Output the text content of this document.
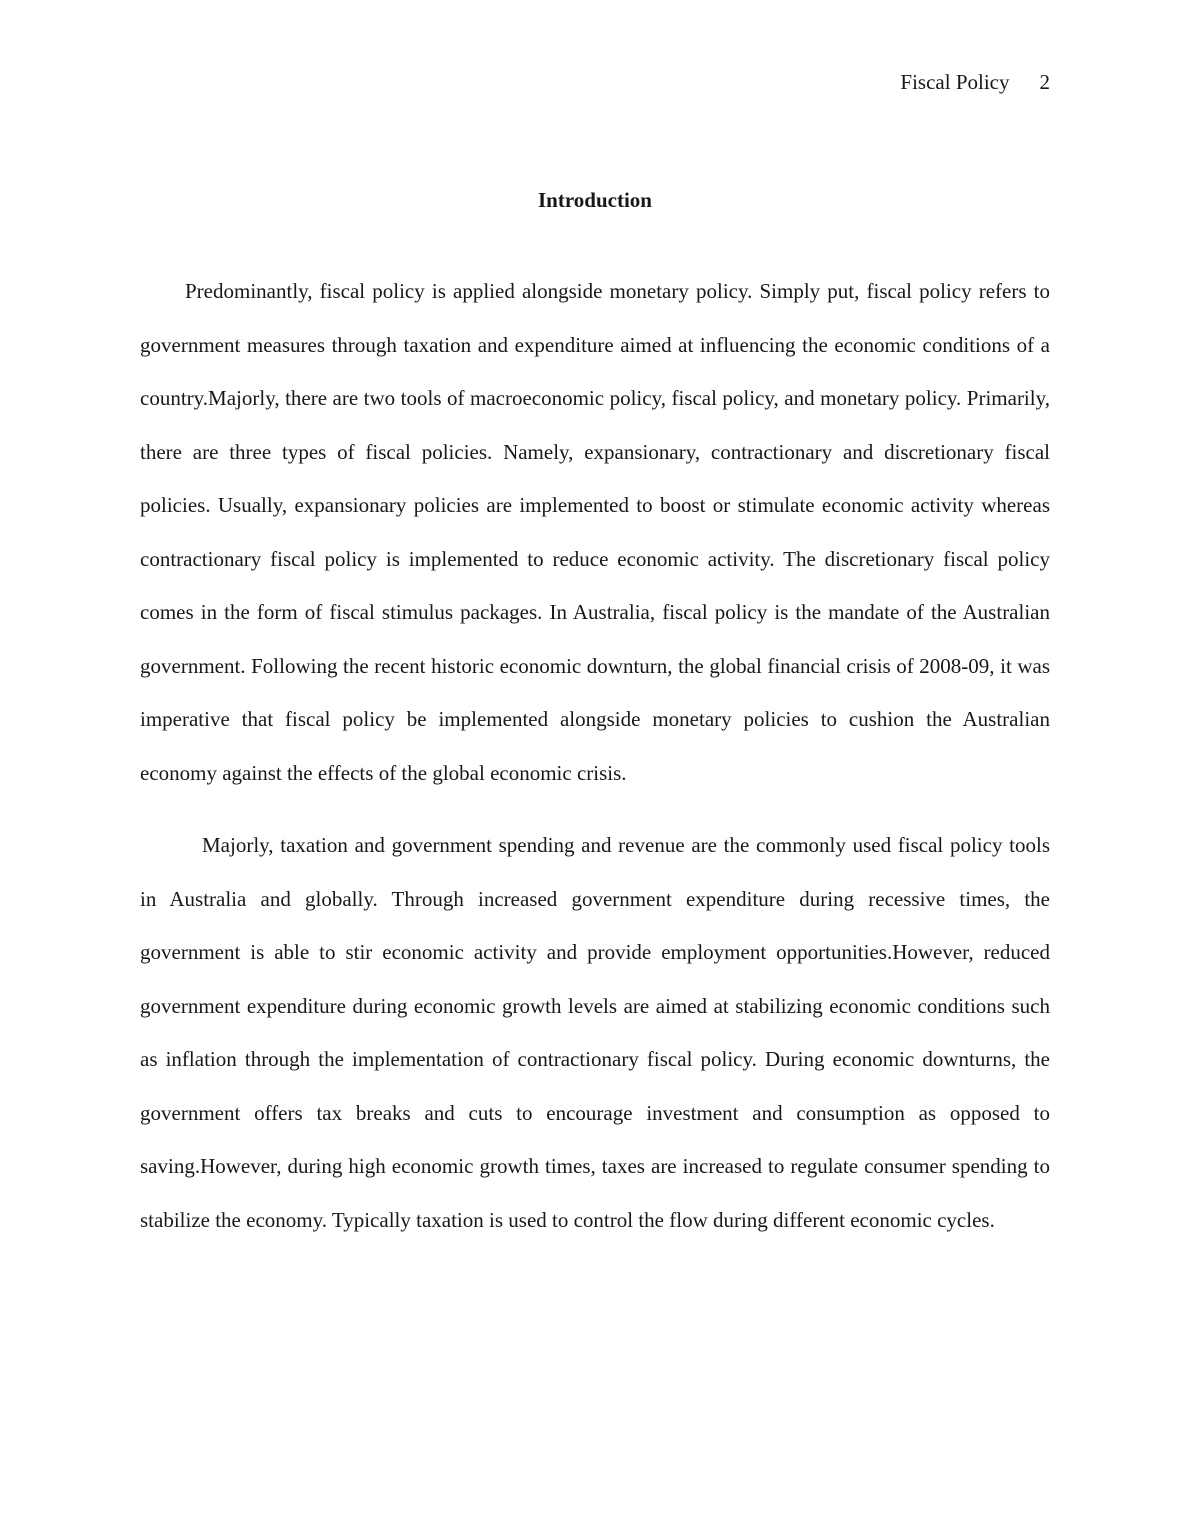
Fiscal Policy 2
Introduction

Predominantly, fiscal policy is applied alongside monetary policy. Simply put, fiscal policy refers to government measures through taxation and expenditure aimed at influencing the economic conditions of a country.Majorly, there are two tools of macroeconomic policy, fiscal policy, and monetary policy. Primarily, there are three types of fiscal policies. Namely, expansionary, contractionary and discretionary fiscal policies. Usually, expansionary policies are implemented to boost or stimulate economic activity whereas contractionary fiscal policy is implemented to reduce economic activity. The discretionary fiscal policy comes in the form of fiscal stimulus packages. In Australia, fiscal policy is the mandate of the Australian government. Following the recent historic economic downturn, the global financial crisis of 2008-09, it was imperative that fiscal policy be implemented alongside monetary policies to cushion the Australian economy against the effects of the global economic crisis.

Majorly, taxation and government spending and revenue are the commonly used fiscal policy tools in Australia and globally. Through increased government expenditure during recessive times, the government is able to stir economic activity and provide employment opportunities.However, reduced government expenditure during economic growth levels are aimed at stabilizing economic conditions such as inflation through the implementation of contractionary fiscal policy. During economic downturns, the government offers tax breaks and cuts to encourage investment and consumption as opposed to saving.However, during high economic growth times, taxes are increased to regulate consumer spending to stabilize the economy. Typically taxation is used to control the flow during different economic cycles.
